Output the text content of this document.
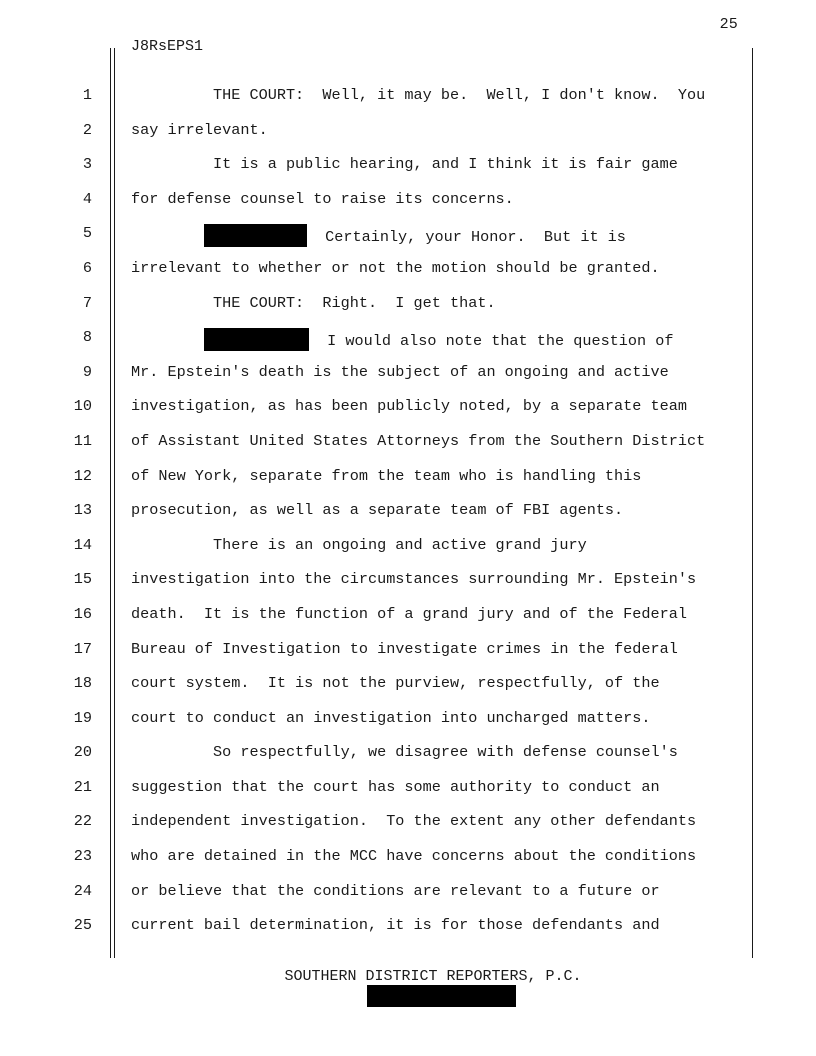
25
J8RsEPS1
1	THE COURT:  Well, it may be.  Well, I don't know.  You
2	say irrelevant.
3	It is a public hearing, and I think it is fair game
4	for defense counsel to raise its concerns.
5	Certainly, your Honor.  But it is
6	irrelevant to whether or not the motion should be granted.
7	THE COURT:  Right.  I get that.
8	I would also note that the question of
9	Mr. Epstein's death is the subject of an ongoing and active
10	investigation, as has been publicly noted, by a separate team
11	of Assistant United States Attorneys from the Southern District
12	of New York, separate from the team who is handling this
13	prosecution, as well as a separate team of FBI agents.
14	There is an ongoing and active grand jury
15	investigation into the circumstances surrounding Mr. Epstein's
16	death.  It is the function of a grand jury and of the Federal
17	Bureau of Investigation to investigate crimes in the federal
18	court system.  It is not the purview, respectfully, of the
19	court to conduct an investigation into uncharged matters.
20	So respectfully, we disagree with defense counsel's
21	suggestion that the court has some authority to conduct an
22	independent investigation.  To the extent any other defendants
23	who are detained in the MCC have concerns about the conditions
24	or believe that the conditions are relevant to a future or
25	current bail determination, it is for those defendants and
SOUTHERN DISTRICT REPORTERS, P.C.
